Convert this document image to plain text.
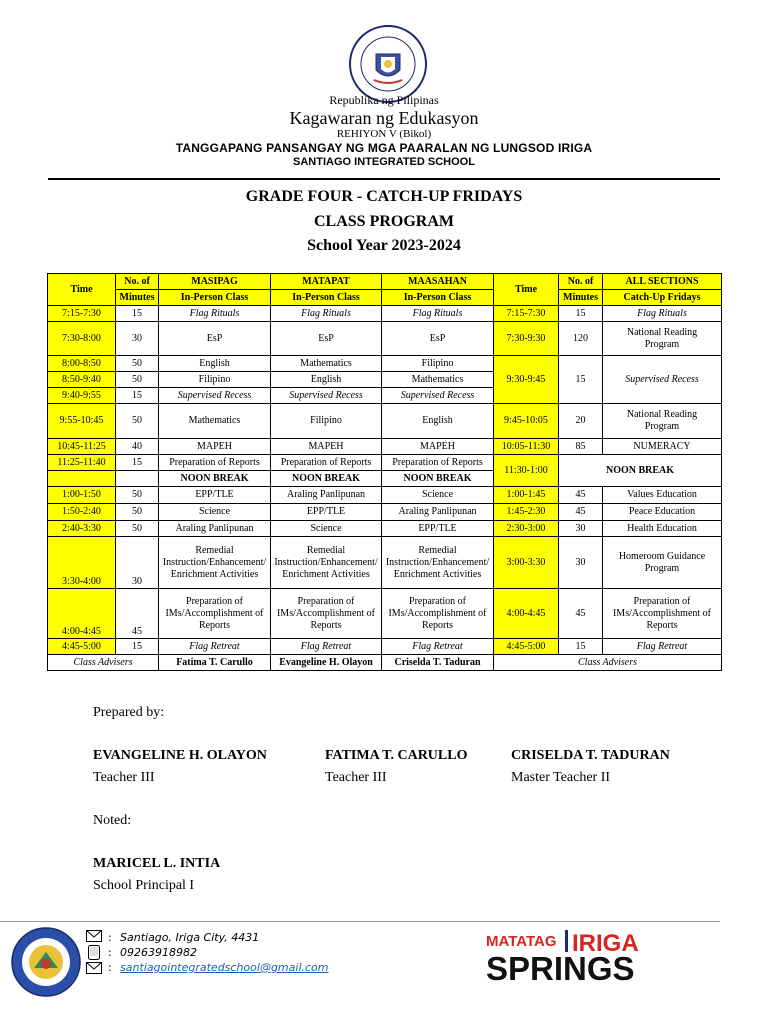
Republika ng Pilipinas
Kagawaran ng Edukasyon
REHIYON V (Bikol)
TANGGAPANG PANSANGAY NG MGA PAARALAN NG LUNGSOD IRIGA
SANTIAGO INTEGRATED SCHOOL
GRADE FOUR - CATCH-UP FRIDAYS
CLASS PROGRAM
School Year 2023-2024
Time	No. of	MASIPAG	MATAPAT	MAASAHAN	Time	No. of	ALL SECTIONS
	Minutes	In-Person Class	In-Person Class	In-Person Class		Minutes	Catch-Up Fridays
7:15-7:30	15	Flag Rituals	Flag Rituals	Flag Rituals	7:15-7:30	15	Flag Rituals
7:30-8:00	30	EsP	EsP	EsP	7:30-9:30	120	National Reading
Program
8:00-8:50	50	English	Mathematics	Filipino	9:30-9:45	15	Supervised Recess
8:50-9:40	50	Filipino	English	Mathematics			
9:40-9:55	15	Supervised Recess	Supervised Recess	Supervised Recess			
9:55-10:45	50	Mathematics	Filipino	English	9:45-10:05	20	National Reading
Program
10:45-11:25	40	MAPEH	MAPEH	MAPEH	10:05-11:30	85	NUMERACY
11:25-11:40	15	Preparation of Reports	Preparation of Reports	Preparation of Reports	11:30-1:00	NOON BREAK	
		NOON BREAK	NOON BREAK	NOON BREAK			
1:00-1:50	50	EPP/TLE	Araling Panlipunan	Science	1:00-1:45	45	Values Education
1:50-2:40	50	Science	EPP/TLE	Araling Panlipunan	1:45-2:30	45	Peace Education
2:40-3:30	50	Araling Panlipunan	Science	EPP/TLE	2:30-3:00	30	Health Education
3:30-4:00	30	Remedial
Instruction/Enhancement/
Enrichment Activities	Remedial
Instruction/Enhancement/
Enrichment Activities	Remedial
Instruction/Enhancement/
Enrichment Activities	3:00-3:30	30	Homeroom Guidance
Program
4:00-4:45	45	Preparation of
IMs/Accomplishment of
Reports	Preparation of
IMs/Accomplishment of
Reports	Preparation of
IMs/Accomplishment of
Reports	4:00-4:45	45	Preparation of
IMs/Accomplishment of
Reports
4:45-5:00	15	Flag Retreat	Flag Retreat	Flag Retreat	4:45-5:00	15	Flag Retreat
Class Advisers		Fatima T. Carullo	Evangeline H. Olayon	Criselda T. Taduran	Class Advisers		
Prepared by:
EVANGELINE H. OLAYON	FATIMA T. CARULLO	CRISELDA T. TADURAN
Teacher III	Teacher III	Master Teacher II
Noted:
MARICEL L. INTIA
School Principal I
:
:
:
Santiago, Iriga City, 4431
09263918982
santiagointegratedschool@gmail.com
MATATAG IRIGA
SPRINGS
